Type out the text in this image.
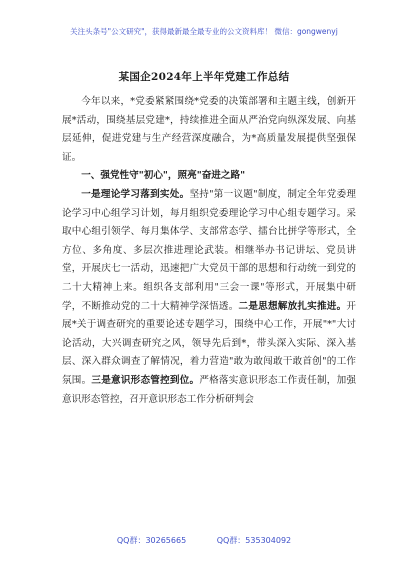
关注头条号"公文研究"，获得最新最全最专业的公文资料库！ 微信：gongwenyj
某国企2024年上半年党建工作总结

今年以来，*党委紧紧围绕*党委的决策部署和主题主线，创新开展*活动，围绕基层党建*，持续推进全面从严治党向纵深发展、向基层延伸，促进党建与生产经营深度融合，为*高质量发展提供坚强保证。

一、强党性守"初心"，照亮"奋进之路"

一是理论学习落到实处。坚持"第一议题"制度，制定全年党委理论学习中心组学习计划，每月组织党委理论学习中心组专题学习。采取中心组引领学、每月集体学、支部常态学、擂台比拼学等形式，全方位、多角度、多层次推进理论武装。相继举办书记讲坛、党员讲堂，开展庆七一活动，迅速把广大党员干部的思想和行动统一到党的二十大精神上来。组织各支部利用"三会一课"等形式，开展集中研学，不断推动党的二十大精神学深悟透。二是思想解放扎实推进。开展*关于调查研究的重要论述专题学习，围绕中心工作，开展"*"大讨论活动，大兴调查研究之风，领导先后到*，带头深入实际、深入基层、深入群众调查了解情况，着力营造"敢为敢闯敢干敢首创"的工作氛围。三是意识形态管控到位。严格落实意识形态工作责任制，加强意识形态管控，召开意识形态工作分析研判会

QQ群：30265665	QQ群：535304092
